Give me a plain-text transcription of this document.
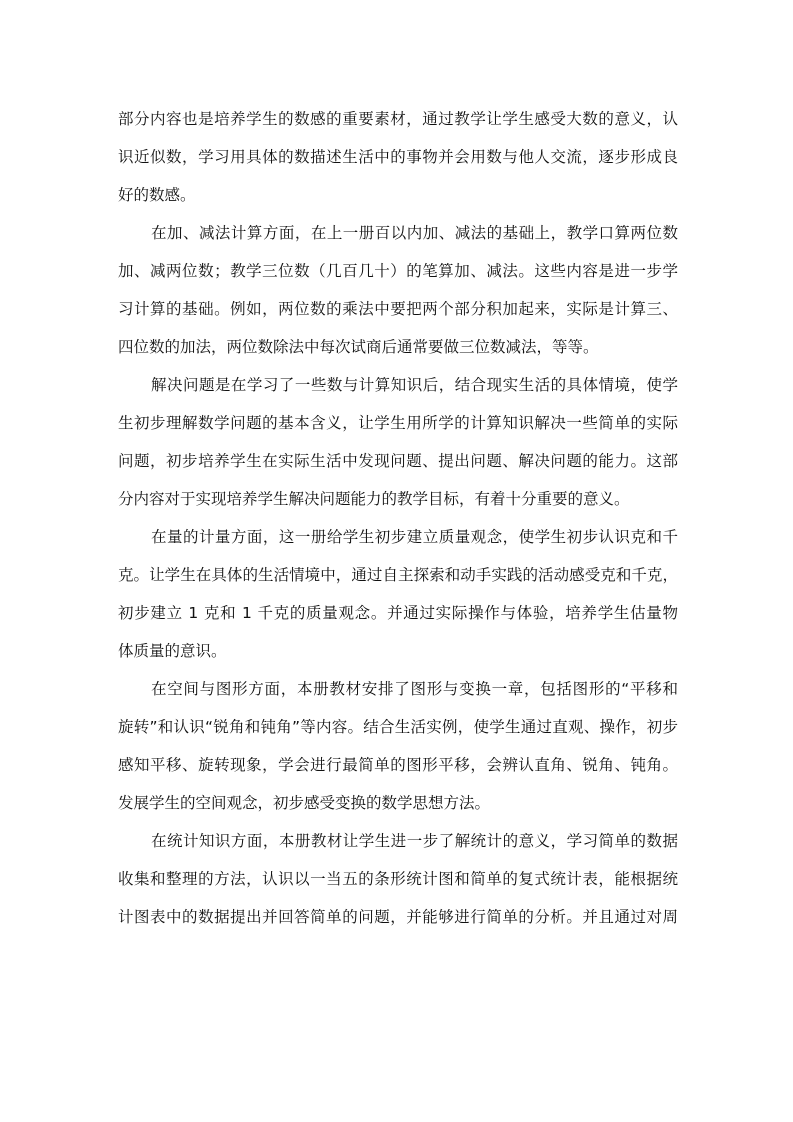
部分内容也是培养学生的数感的重要素材，通过教学让学生感受大数的意义，认
识近似数，学习用具体的数描述生活中的事物并会用数与他人交流，逐步形成良
好的数感。
在加、减法计算方面，在上一册百以内加、减法的基础上，教学口算两位数
加、减两位数；教学三位数（几百几十）的笔算加、减法。这些内容是进一步学
习计算的基础。例如，两位数的乘法中要把两个部分积加起来，实际是计算三、
四位数的加法，两位数除法中每次试商后通常要做三位数减法，等等。
解决问题是在学习了一些数与计算知识后，结合现实生活的具体情境，使学
生初步理解数学问题的基本含义，让学生用所学的计算知识解决一些简单的实际
问题，初步培养学生在实际生活中发现问题、提出问题、解决问题的能力。这部
分内容对于实现培养学生解决问题能力的教学目标，有着十分重要的意义。
在量的计量方面，这一册给学生初步建立质量观念，使学生初步认识克和千
克。让学生在具体的生活情境中，通过自主探索和动手实践的活动感受克和千克，
初步建立 1 克和 1 千克的质量观念。并通过实际操作与体验，培养学生估量物
体质量的意识。
在空间与图形方面，本册教材安排了图形与变换一章，包括图形的“平移和
旋转”和认识“锐角和钝角”等内容。结合生活实例，使学生通过直观、操作，初步
感知平移、旋转现象，学会进行最简单的图形平移，会辨认直角、锐角、钝角。
发展学生的空间观念，初步感受变换的数学思想方法。
在统计知识方面，本册教材让学生进一步了解统计的意义，学习简单的数据
收集和整理的方法，认识以一当五的条形统计图和简单的复式统计表，能根据统
计图表中的数据提出并回答简单的问题，并能够进行简单的分析。并且通过对周
